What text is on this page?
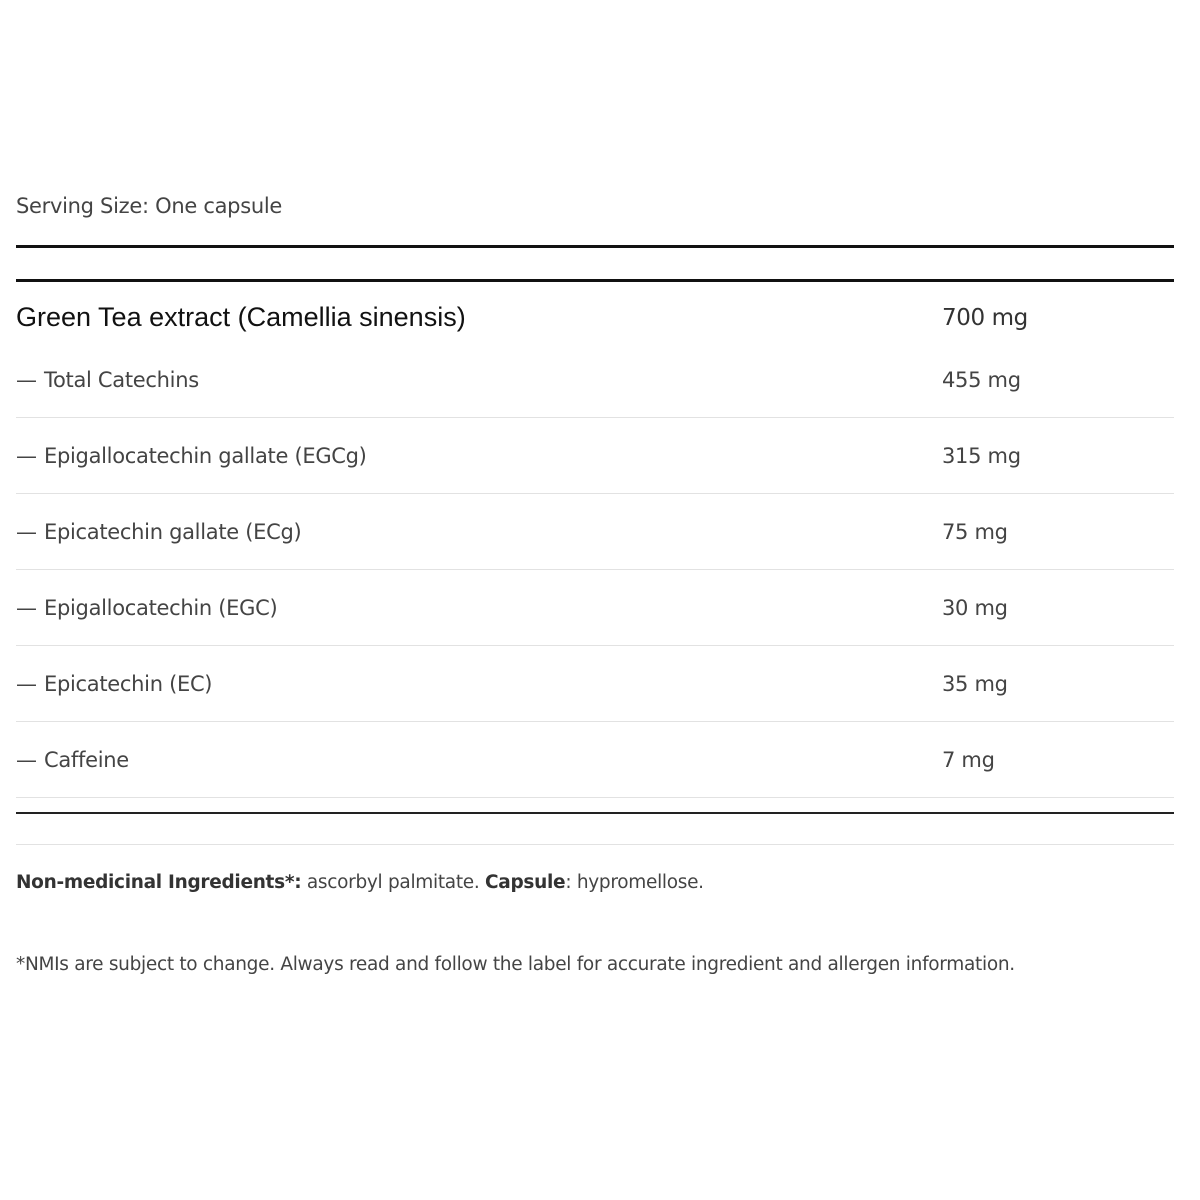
Serving Size: One capsule
Green Tea extract (Camellia sinensis)	700 mg
— Total Catechins	455 mg
— Epigallocatechin gallate (EGCg)	315 mg
— Epicatechin gallate (ECg)	75 mg
— Epigallocatechin (EGC)	30 mg
— Epicatechin (EC)	35 mg
— Caffeine	7 mg
Non-medicinal Ingredients*: ascorbyl palmitate. Capsule: hypromellose.
*NMIs are subject to change. Always read and follow the label for accurate ingredient and allergen information.
